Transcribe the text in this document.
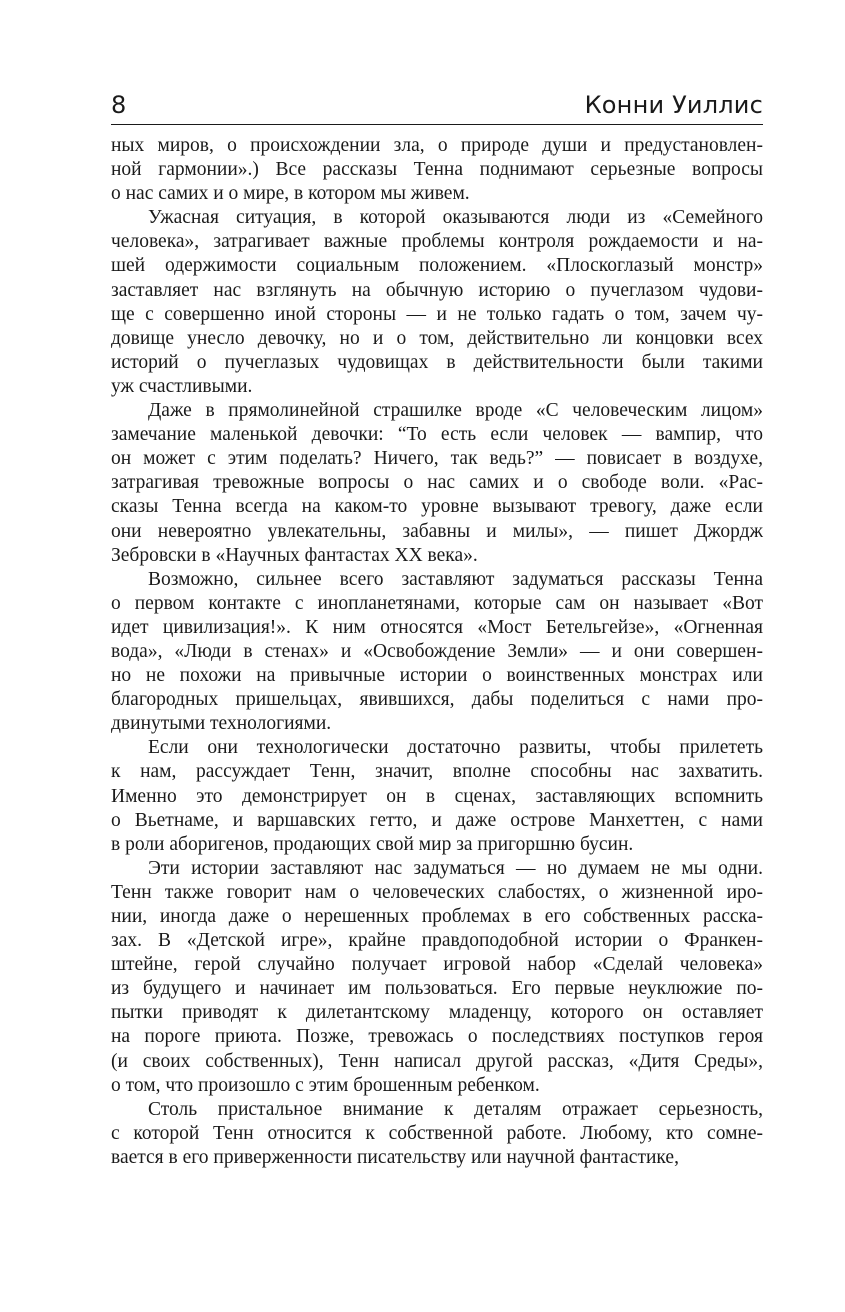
8	Конни Уиллис
ных миров, о происхождении зла, о природе души и предустановлен-
ной гармонии».) Все рассказы Тенна поднимают серьезные вопросы
о нас самих и о мире, в котором мы живем.
Ужасная ситуация, в которой оказываются люди из «Семейного
человека», затрагивает важные проблемы контроля рождаемости и на-
шей одержимости социальным положением. «Плоскоглазый монстр»
заставляет нас взглянуть на обычную историю о пучеглазом чудови-
ще с совершенно иной стороны — и не только гадать о том, зачем чу-
довище унесло девочку, но и о том, действительно ли концовки всех
историй о пучеглазых чудовищах в действительности были такими
уж счастливыми.
Даже в прямолинейной страшилке вроде «С человеческим лицом»
замечание маленькой девочки: “То есть если человек — вампир, что
он может с этим поделать? Ничего, так ведь?” — повисает в воздухе,
затрагивая тревожные вопросы о нас самих и о свободе воли. «Рас-
сказы Тенна всегда на каком-то уровне вызывают тревогу, даже если
они невероятно увлекательны, забавны и милы», — пишет Джордж
Зебровски в «Научных фантастах XX века».
Возможно, сильнее всего заставляют задуматься рассказы Тенна
о первом контакте с инопланетянами, которые сам он называет «Вот
идет цивилизация!». К ним относятся «Мост Бетельгейзе», «Огненная
вода», «Люди в стенах» и «Освобождение Земли» — и они совершен-
но не похожи на привычные истории о воинственных монстрах или
благородных пришельцах, явившихся, дабы поделиться с нами про-
двинутыми технологиями.
Если они технологически достаточно развиты, чтобы прилететь
к нам, рассуждает Тенн, значит, вполне способны нас захватить.
Именно это демонстрирует он в сценах, заставляющих вспомнить
о Вьетнаме, и варшавских гетто, и даже острове Манхеттен, с нами
в роли аборигенов, продающих свой мир за пригоршню бусин.
Эти истории заставляют нас задуматься — но думаем не мы одни.
Тенн также говорит нам о человеческих слабостях, о жизненной иро-
нии, иногда даже о нерешенных проблемах в его собственных расска-
зах. В «Детской игре», крайне правдоподобной истории о Франкен-
штейне, герой случайно получает игровой набор «Сделай человека»
из будущего и начинает им пользоваться. Его первые неуклюжие по-
пытки приводят к дилетантскому младенцу, которого он оставляет
на пороге приюта. Позже, тревожась о последствиях поступков героя
(и своих собственных), Тенн написал другой рассказ, «Дитя Среды»,
о том, что произошло с этим брошенным ребенком.
Столь пристальное внимание к деталям отражает серьезность,
с которой Тенн относится к собственной работе. Любому, кто сомне-
вается в его приверженности писательству или научной фантастике,
